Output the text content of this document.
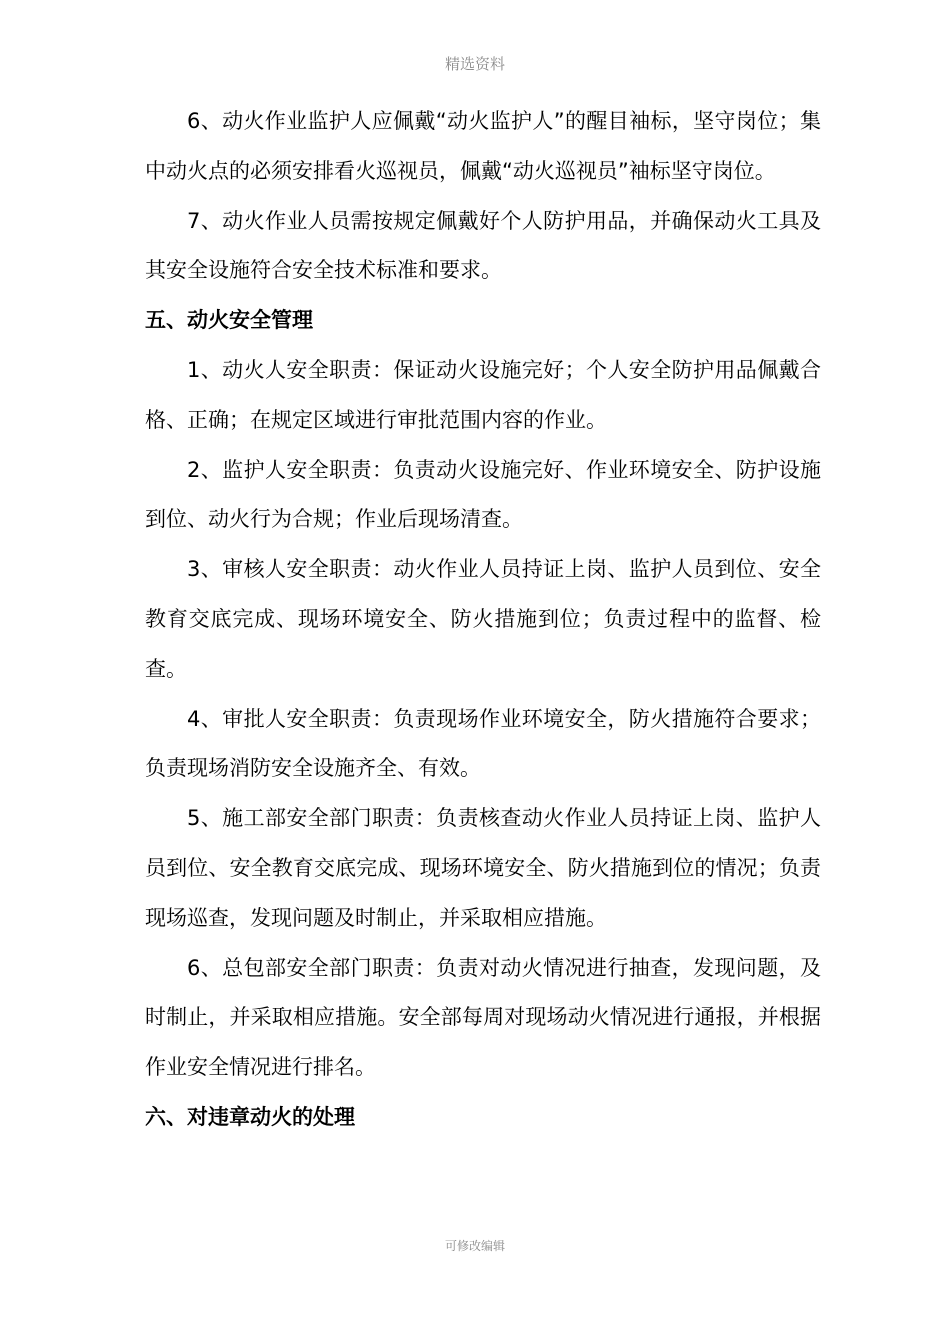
精选资料

6、动火作业监护人应佩戴“动火监护人”的醒目袖标，坚守岗位；集中动火点的必须安排看火巡视员，佩戴“动火巡视员”袖标坚守岗位。

7、动火作业人员需按规定佩戴好个人防护用品，并确保动火工具及其安全设施符合安全技术标准和要求。

五、动火安全管理

1、动火人安全职责：保证动火设施完好；个人安全防护用品佩戴合格、正确；在规定区域进行审批范围内容的作业。

2、监护人安全职责：负责动火设施完好、作业环境安全、防护设施到位、动火行为合规；作业后现场清查。

3、审核人安全职责：动火作业人员持证上岗、监护人员到位、安全教育交底完成、现场环境安全、防火措施到位；负责过程中的监督、检查。

4、审批人安全职责：负责现场作业环境安全，防火措施符合要求；负责现场消防安全设施齐全、有效。

5、施工部安全部门职责：负责核查动火作业人员持证上岗、监护人员到位、安全教育交底完成、现场环境安全、防火措施到位的情况；负责现场巡查，发现问题及时制止，并采取相应措施。

6、总包部安全部门职责：负责对动火情况进行抽查，发现问题，及时制止，并采取相应措施。安全部每周对现场动火情况进行通报，并根据作业安全情况进行排名。

六、对违章动火的处理

可修改编辑
